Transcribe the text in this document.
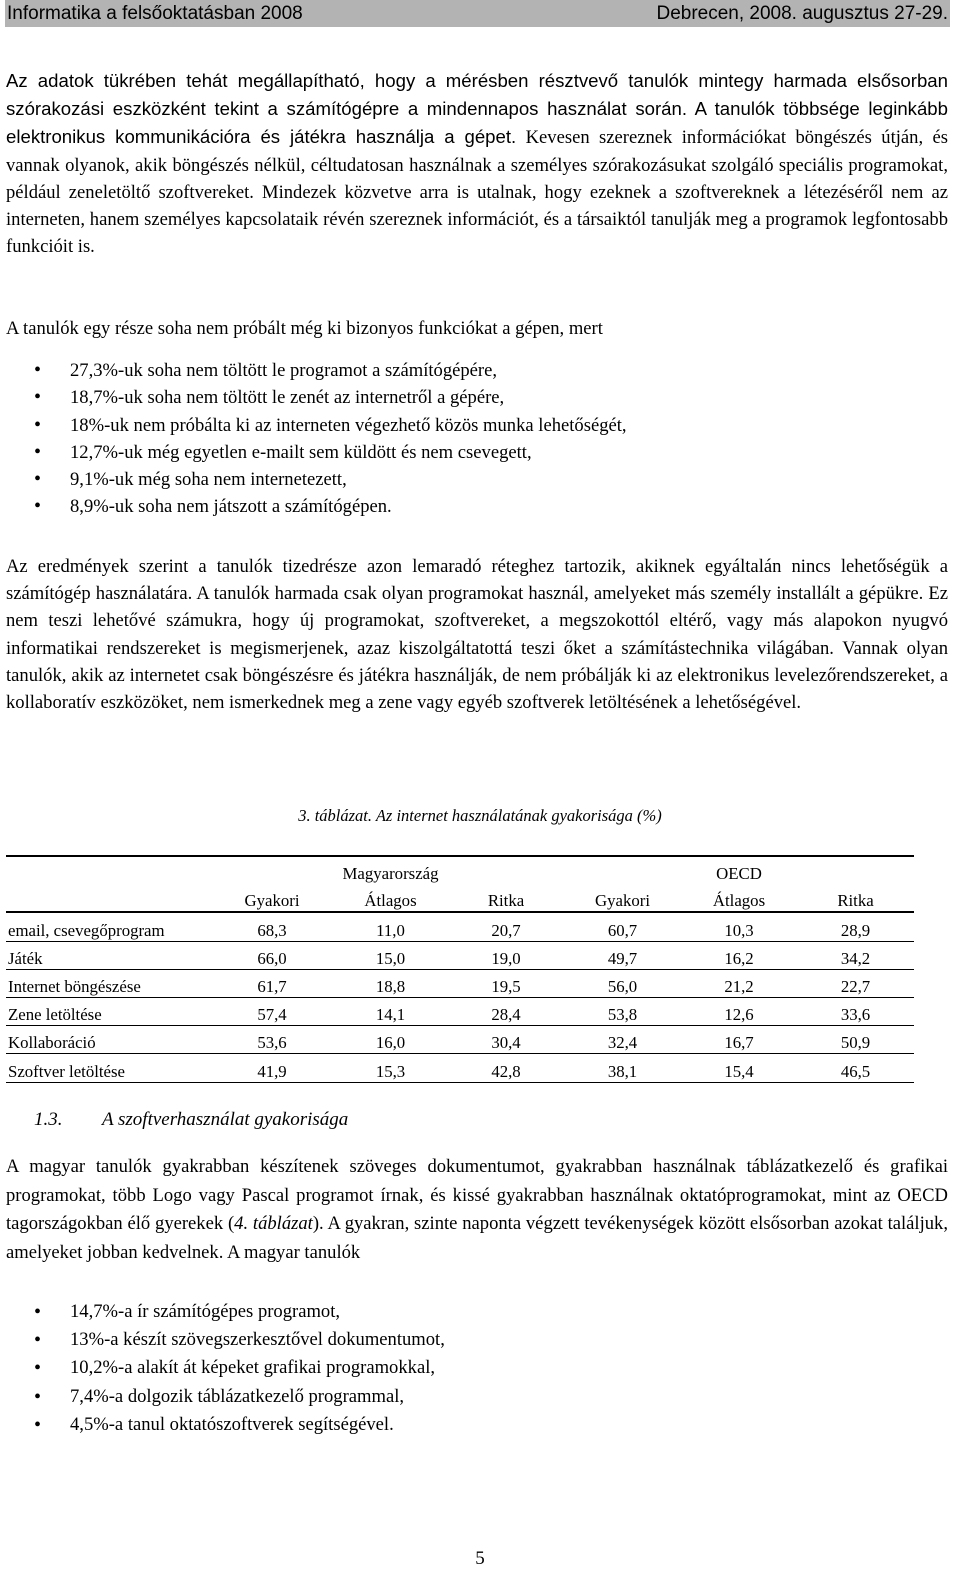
Informatika a felsőoktatásban 2008	Debrecen, 2008. augusztus 27-29.

Az adatok tükrében tehát megállapítható, hogy a mérésben résztvevő tanulók mintegy harmada elsősorban szórakozási eszközként tekint a számítógépre a mindennapos használat során. A tanulók többsége leginkább elektronikus kommunikációra és játékra használja a gépet. Kevesen szereznek információkat böngészés útján, és vannak olyanok, akik böngészés nélkül, céltudatosan használnak a személyes szórakozásukat szolgáló speciális programokat, például zeneletöltő szoftvereket. Mindezek közvetve arra is utalnak, hogy ezeknek a szoftvereknek a létezéséről nem az interneten, hanem személyes kapcsolataik révén szereznek információt, és a társaiktól tanulják meg a programok legfontosabb funkcióit is.

A tanulók egy része soha nem próbált még ki bizonyos funkciókat a gépen, mert

• 27,3%-uk soha nem töltött le programot a számítógépére,
• 18,7%-uk soha nem töltött le zenét az internetről a gépére,
• 18%-uk nem próbálta ki az interneten végezhető közös munka lehetőségét,
• 12,7%-uk még egyetlen e-mailt sem küldött és nem csevegett,
• 9,1%-uk még soha nem internetezett,
• 8,9%-uk soha nem játszott a számítógépen.

Az eredmények szerint a tanulók tizedrésze azon lemaradó réteghez tartozik, akiknek egyáltalán nincs lehetőségük a számítógép használatára. A tanulók harmada csak olyan programokat használ, amelyeket más személy installált a gépükre. Ez nem teszi lehetővé számukra, hogy új programokat, szoftvereket, a megszokottól eltérő, vagy más alapokon nyugvó informatikai rendszereket is megismerjenek, azaz kiszolgáltatottá teszi őket a számítástechnika világában. Vannak olyan tanulók, akik az internetet csak böngészésre és játékra használják, de nem próbálják ki az elektronikus levelezőrendszereket, a kollaboratív eszközöket, nem ismerkednek meg a zene vagy egyéb szoftverek letöltésének a lehetőségével.

3. táblázat. Az internet használatának gyakorisága (%)
		Magyarország			OECD	
	Gyakori	Átlagos	Ritka	Gyakori	Átlagos	Ritka
email, csevegőprogram	68,3	11,0	20,7	60,7	10,3	28,9
Játék	66,0	15,0	19,0	49,7	16,2	34,2
Internet böngészése	61,7	18,8	19,5	56,0	21,2	22,7
Zene letöltése	57,4	14,1	28,4	53,8	12,6	33,6
Kollaboráció	53,6	16,0	30,4	32,4	16,7	50,9
Szoftver letöltése	41,9	15,3	42,8	38,1	15,4	46,5
1.3. A szoftverhasználat gyakorisága

A magyar tanulók gyakrabban készítenek szöveges dokumentumot, gyakrabban használnak táblázatkezelő és grafikai programokat, több Logo vagy Pascal programot írnak, és kissé gyakrabban használnak oktatóprogramokat, mint az OECD tagországokban élő gyerekek (4. táblázat). A gyakran, szinte naponta végzett tevékenységek között elsősorban azokat találjuk, amelyeket jobban kedvelnek. A magyar tanulók

• 14,7%-a ír számítógépes programot,
• 13%-a készít szövegszerkesztővel dokumentumot,
• 10,2%-a alakít át képeket grafikai programokkal,
• 7,4%-a dolgozik táblázatkezelő programmal,
• 4,5%-a tanul oktatószoftverek segítségével.
5
